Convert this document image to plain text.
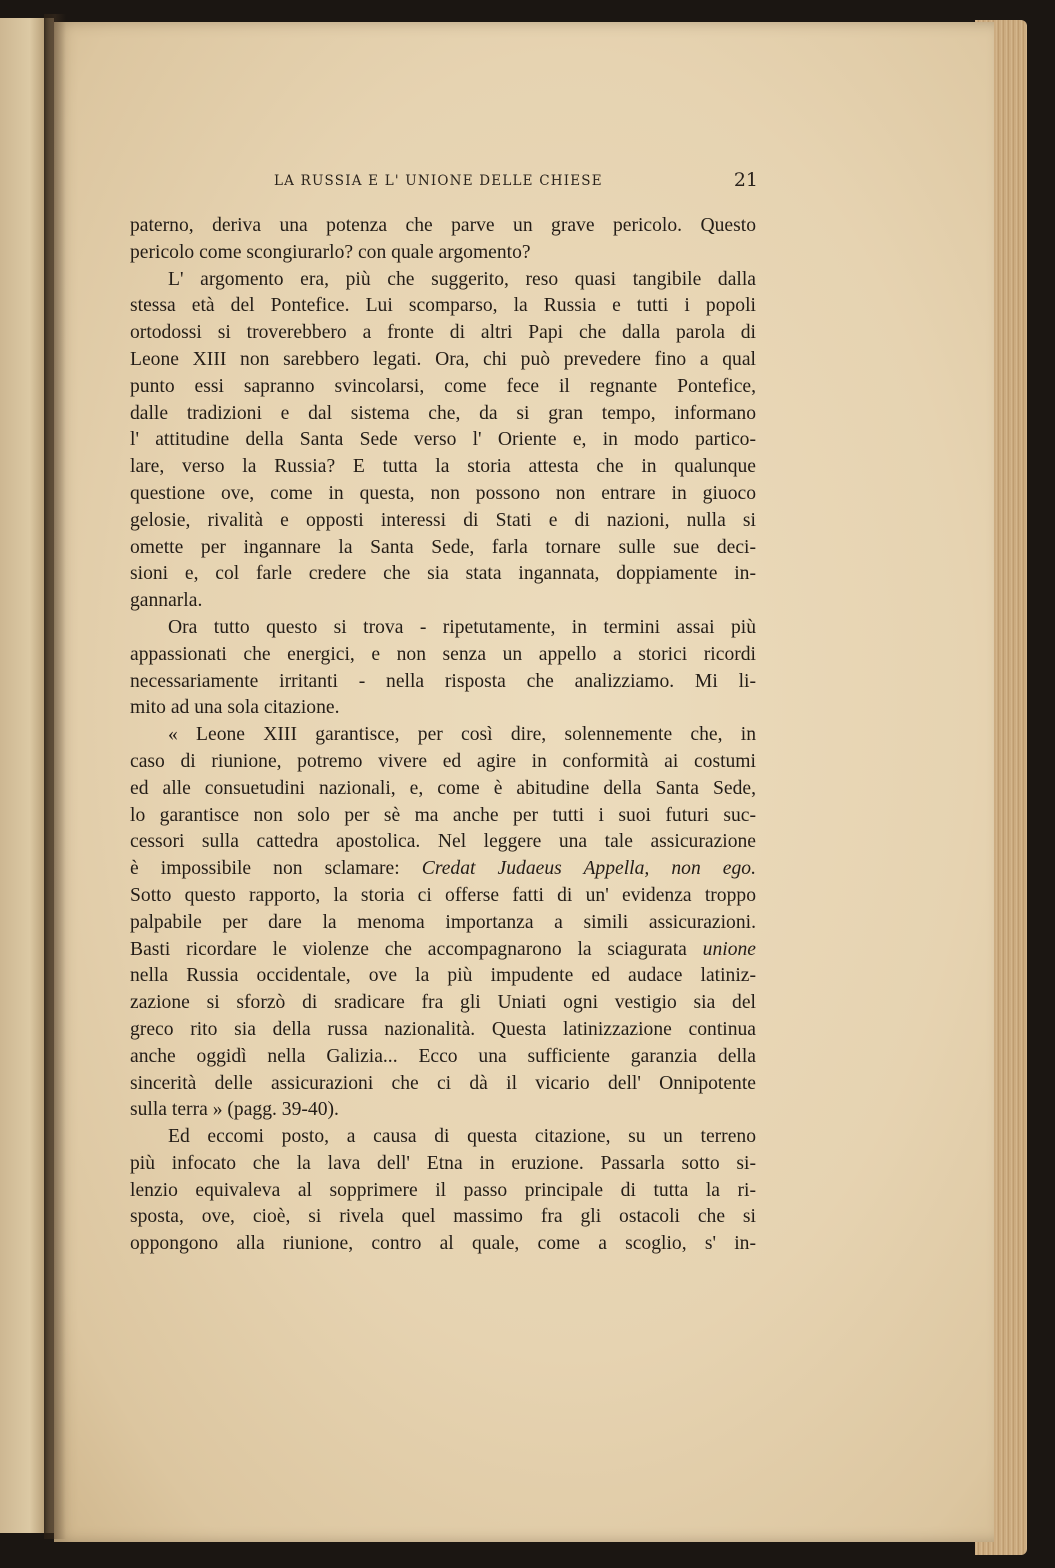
LA RUSSIA E L' UNIONE DELLE CHIESE	21
paterno, deriva una potenza che parve un grave pericolo. Questo
pericolo come scongiurarlo? con quale argomento?
L' argomento era, più che suggerito, reso quasi tangibile dalla
stessa età del Pontefice. Lui scomparso, la Russia e tutti i popoli
ortodossi si troverebbero a fronte di altri Papi che dalla parola di
Leone XIII non sarebbero legati. Ora, chi può prevedere fino a qual
punto essi sapranno svincolarsi, come fece il regnante Pontefice,
dalle tradizioni e dal sistema che, da si gran tempo, informano
l' attitudine della Santa Sede verso l' Oriente e, in modo partico-
lare, verso la Russia? E tutta la storia attesta che in qualunque
questione ove, come in questa, non possono non entrare in giuoco
gelosie, rivalità e opposti interessi di Stati e di nazioni, nulla si
omette per ingannare la Santa Sede, farla tornare sulle sue deci-
sioni e, col farle credere che sia stata ingannata, doppiamente in-
gannarla.
Ora tutto questo si trova - ripetutamente, in termini assai più
appassionati che energici, e non senza un appello a storici ricordi
necessariamente irritanti - nella risposta che analizziamo. Mi li-
mito ad una sola citazione.
« Leone XIII garantisce, per così dire, solennemente che, in
caso di riunione, potremo vivere ed agire in conformità ai costumi
ed alle consuetudini nazionali, e, come è abitudine della Santa Sede,
lo garantisce non solo per sè ma anche per tutti i suoi futuri suc-
cessori sulla cattedra apostolica. Nel leggere una tale assicurazione
è impossibile non sclamare: Credat Judaeus Appella, non ego.
Sotto questo rapporto, la storia ci offerse fatti di un' evidenza troppo
palpabile per dare la menoma importanza a simili assicurazioni.
Basti ricordare le violenze che accompagnarono la sciagurata unione
nella Russia occidentale, ove la più impudente ed audace latiniz-
zazione si sforzò di sradicare fra gli Uniati ogni vestigio sia del
greco rito sia della russa nazionalità. Questa latinizzazione continua
anche oggidì nella Galizia... Ecco una sufficiente garanzia della
sincerità delle assicurazioni che ci dà il vicario dell' Onnipotente
sulla terra » (pagg. 39-40).
Ed eccomi posto, a causa di questa citazione, su un terreno
più infocato che la lava dell' Etna in eruzione. Passarla sotto si-
lenzio equivaleva al sopprimere il passo principale di tutta la ri-
sposta, ove, cioè, si rivela quel massimo fra gli ostacoli che si
oppongono alla riunione, contro al quale, come a scoglio, s' in-
